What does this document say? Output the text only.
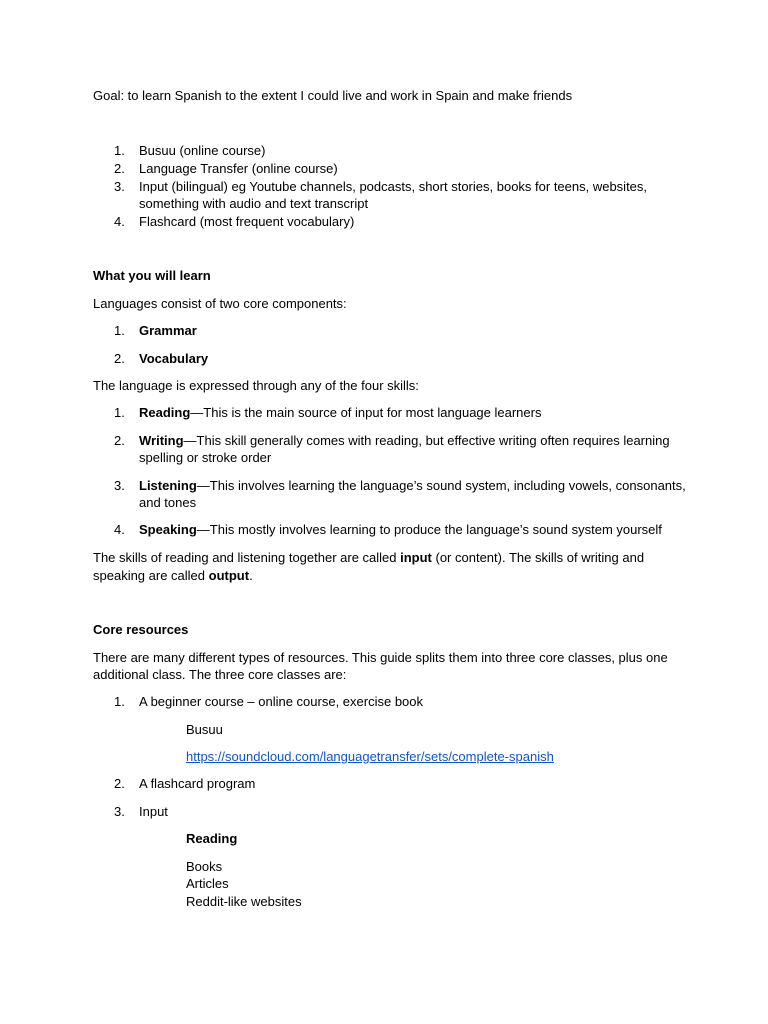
Goal: to learn Spanish to the extent I could live and work in Spain and make friends
1. Busuu (online course)
2. Language Transfer (online course)
3. Input (bilingual) eg Youtube channels, podcasts, short stories, books for teens, websites,
something with audio and text transcript
4. Flashcard (most frequent vocabulary)
What you will learn
Languages consist of two core components:
1. Grammar
2. Vocabulary
The language is expressed through any of the four skills:
1. Reading—This is the main source of input for most language learners
2. Writing—This skill generally comes with reading, but effective writing often requires learning
spelling or stroke order
3. Listening—This involves learning the language’s sound system, including vowels, consonants,
and tones
4. Speaking—This mostly involves learning to produce the language’s sound system yourself
The skills of reading and listening together are called input (or content). The skills of writing and
speaking are called output.
Core resources
There are many different types of resources. This guide splits them into three core classes, plus one
additional class. The three core classes are:
1. A beginner course – online course, exercise book
Busuu
https://soundcloud.com/languagetransfer/sets/complete-spanish
2. A flashcard program
3. Input
Reading
Books
Articles
Reddit-like websites
